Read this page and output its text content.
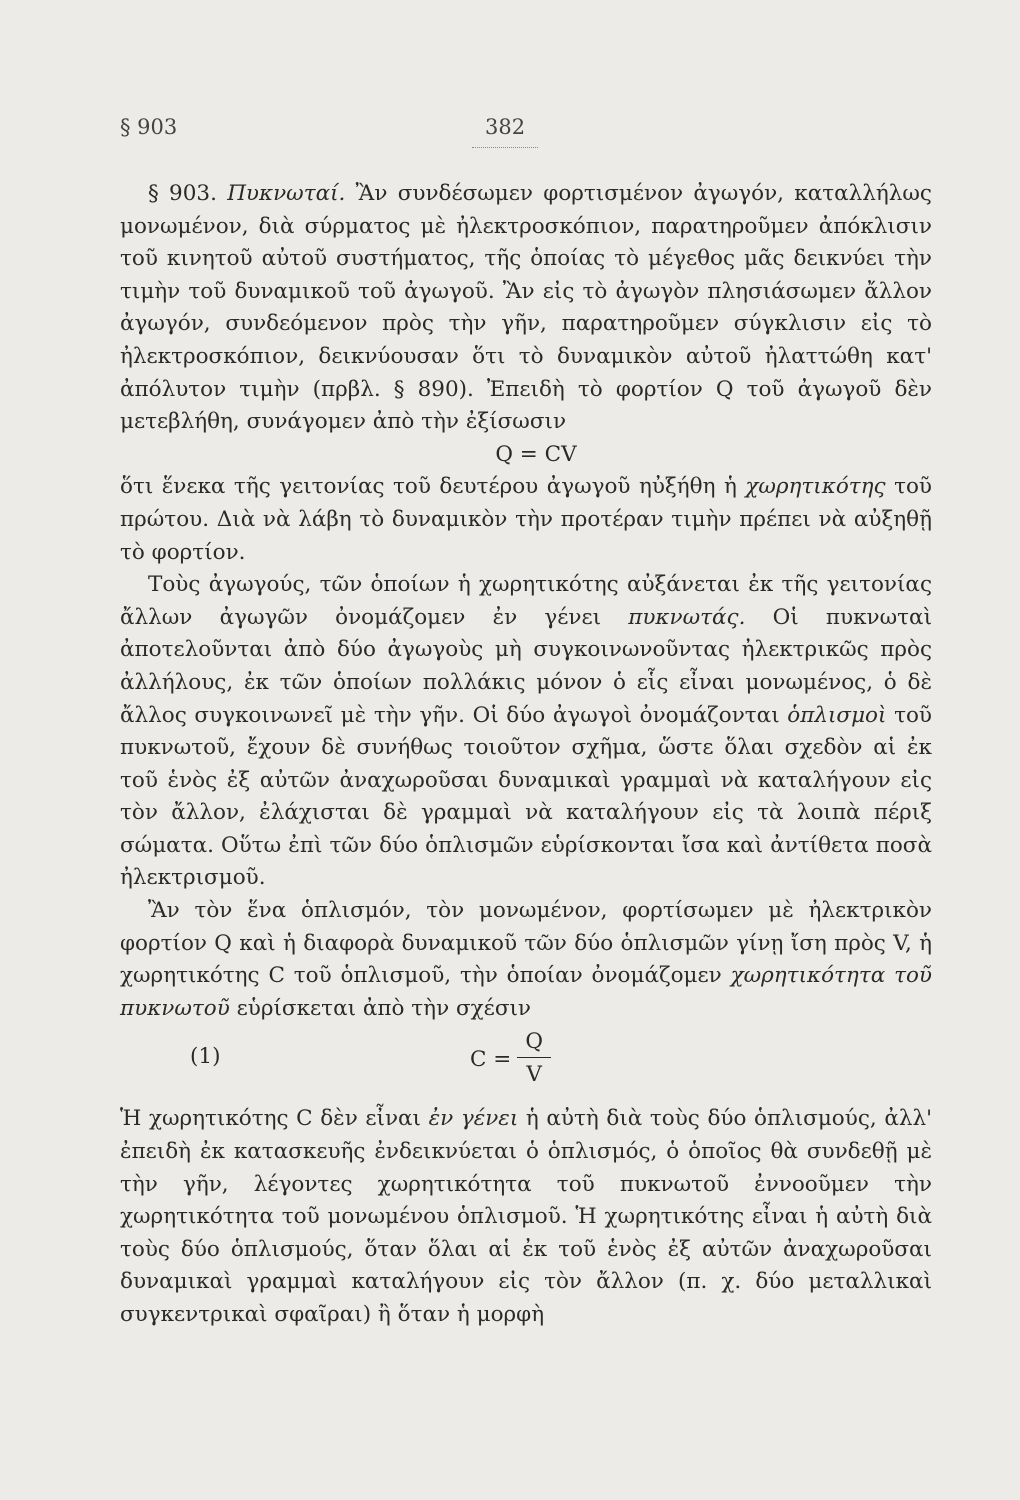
§ 903	382

§ 903. Πυκνωταί. Ἂν συνδέσωμεν φορτισμένον ἀγωγόν, καταλλήλως μονωμένον, διὰ σύρματος μὲ ἠλεκτροσκόπιον, παρατηροῦμεν ἀπόκλισιν τοῦ κινητοῦ αὐτοῦ συστήματος, τῆς ὁποίας τὸ μέγεθος μᾶς δεικνύει τὴν τιμὴν τοῦ δυναμικοῦ τοῦ ἀγωγοῦ. Ἂν εἰς τὸ ἀγωγὸν πλησιάσωμεν ἄλλον ἀγωγόν, συνδεόμενον πρὸς τὴν γῆν, παρατηροῦμεν σύγκλισιν εἰς τὸ ἠλεκτροσκόπιον, δεικνύουσαν ὅτι τὸ δυναμικὸν αὐτοῦ ἠλαττώθη κατ' ἀπόλυτον τιμὴν (πρβλ. § 890). Ἐπειδὴ τὸ φορτίον Q τοῦ ἀγωγοῦ δὲν μετεβλήθη, συνάγομεν ἀπὸ τὴν ἐξίσωσιν

Q = CV

ὅτι ἕνεκα τῆς γειτονίας τοῦ δευτέρου ἀγωγοῦ ηὐξήθη ἡ χωρητικότης τοῦ πρώτου. Διὰ νὰ λάβη τὸ δυναμικὸν τὴν προτέραν τιμὴν πρέπει νὰ αὐξηθῇ τὸ φορτίον.

Τοὺς ἀγωγούς, τῶν ὁποίων ἡ χωρητικότης αὐξάνεται ἐκ τῆς γειτονίας ἄλλων ἀγωγῶν ὀνομάζομεν ἐν γένει πυκνωτάς. Οἱ πυκνωταὶ ἀποτελοῦνται ἀπὸ δύο ἀγωγοὺς μὴ συγκοινωνοῦντας ἠλεκτρικῶς πρὸς ἀλλήλους, ἐκ τῶν ὁποίων πολλάκις μόνον ὁ εἷς εἶναι μονωμένος, ὁ δὲ ἄλλος συγκοινωνεῖ μὲ τὴν γῆν. Οἱ δύο ἀγωγοὶ ὀνομάζονται ὁπλισμοὶ τοῦ πυκνωτοῦ, ἔχουν δὲ συνήθως τοιοῦτον σχῆμα, ὥστε ὅλαι σχεδὸν αἱ ἐκ τοῦ ἑνὸς ἐξ αὐτῶν ἀναχωροῦσαι δυναμικαὶ γραμμαὶ νὰ καταλήγουν εἰς τὸν ἄλλον, ἐλάχισται δὲ γραμμαὶ νὰ καταλήγουν εἰς τὰ λοιπὰ πέριξ σώματα. Οὕτω ἐπὶ τῶν δύο ὁπλισμῶν εὑρίσκονται ἴσα καὶ ἀντίθετα ποσὰ ἠλεκτρισμοῦ.

Ἂν τὸν ἕνα ὁπλισμόν, τὸν μονωμένον, φορτίσωμεν μὲ ἠλεκτρικὸν φορτίον Q καὶ ἡ διαφορὰ δυναμικοῦ τῶν δύο ὁπλισμῶν γίνῃ ἴση πρὸς V, ἡ χωρητικότης C τοῦ ὁπλισμοῦ, τὴν ὁποίαν ὀνομάζομεν χωρητικότητα τοῦ πυκνωτοῦ εὑρίσκεται ἀπὸ τὴν σχέσιν

(1)	$C = \frac{Q}{V}$

Ἡ χωρητικότης C δὲν εἶναι ἐν γένει ἡ αὐτὴ διὰ τοὺς δύο ὁπλισμούς, ἀλλ' ἐπειδὴ ἐκ κατασκευῆς ἐνδεικνύεται ὁ ὁπλισμός, ὁ ὁποῖος θὰ συνδεθῇ μὲ τὴν γῆν, λέγοντες χωρητικότητα τοῦ πυκνωτοῦ ἐννοοῦμεν τὴν χωρητικότητα τοῦ μονωμένου ὁπλισμοῦ. Ἡ χωρητικότης εἶναι ἡ αὐτὴ διὰ τοὺς δύο ὁπλισμούς, ὅταν ὅλαι αἱ ἐκ τοῦ ἑνὸς ἐξ αὐτῶν ἀναχωροῦσαι δυναμικαὶ γραμμαὶ καταλήγουν εἰς τὸν ἄλλον (π. χ. δύο μεταλλικαὶ συγκεντρικαὶ σφαῖραι) ἢ ὅταν ἡ μορφὴ
